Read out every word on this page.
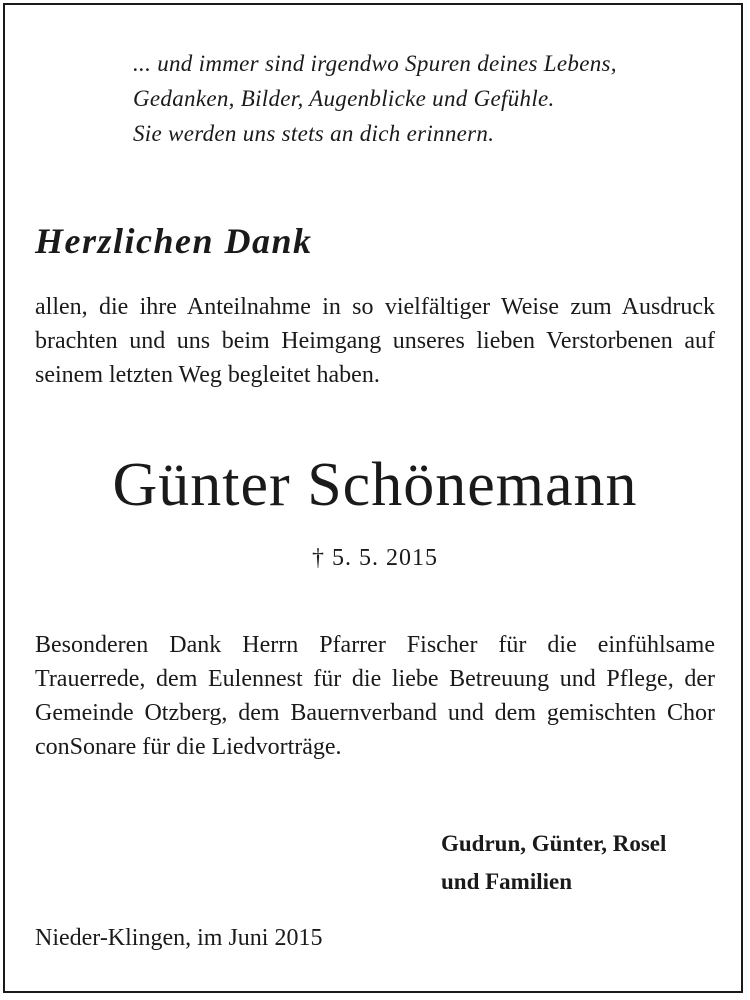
... und immer sind irgendwo Spuren deines Lebens,
Gedanken, Bilder, Augenblicke und Gefühle.
Sie werden uns stets an dich erinnern.
Herzlichen Dank
allen, die ihre Anteilnahme in so vielfältiger Weise zum Ausdruck brachten und uns beim Heimgang unseres lieben Verstorbenen auf seinem letzten Weg begleitet haben.
Günter Schönemann
† 5. 5. 2015
Besonderen Dank Herrn Pfarrer Fischer für die einfühlsame Trauerrede, dem Eulennest für die liebe Betreuung und Pflege, der Gemeinde Otzberg, dem Bauernverband und dem gemischten Chor conSonare für die Liedvorträge.
Gudrun, Günter, Rosel
und Familien
Nieder-Klingen, im Juni 2015
